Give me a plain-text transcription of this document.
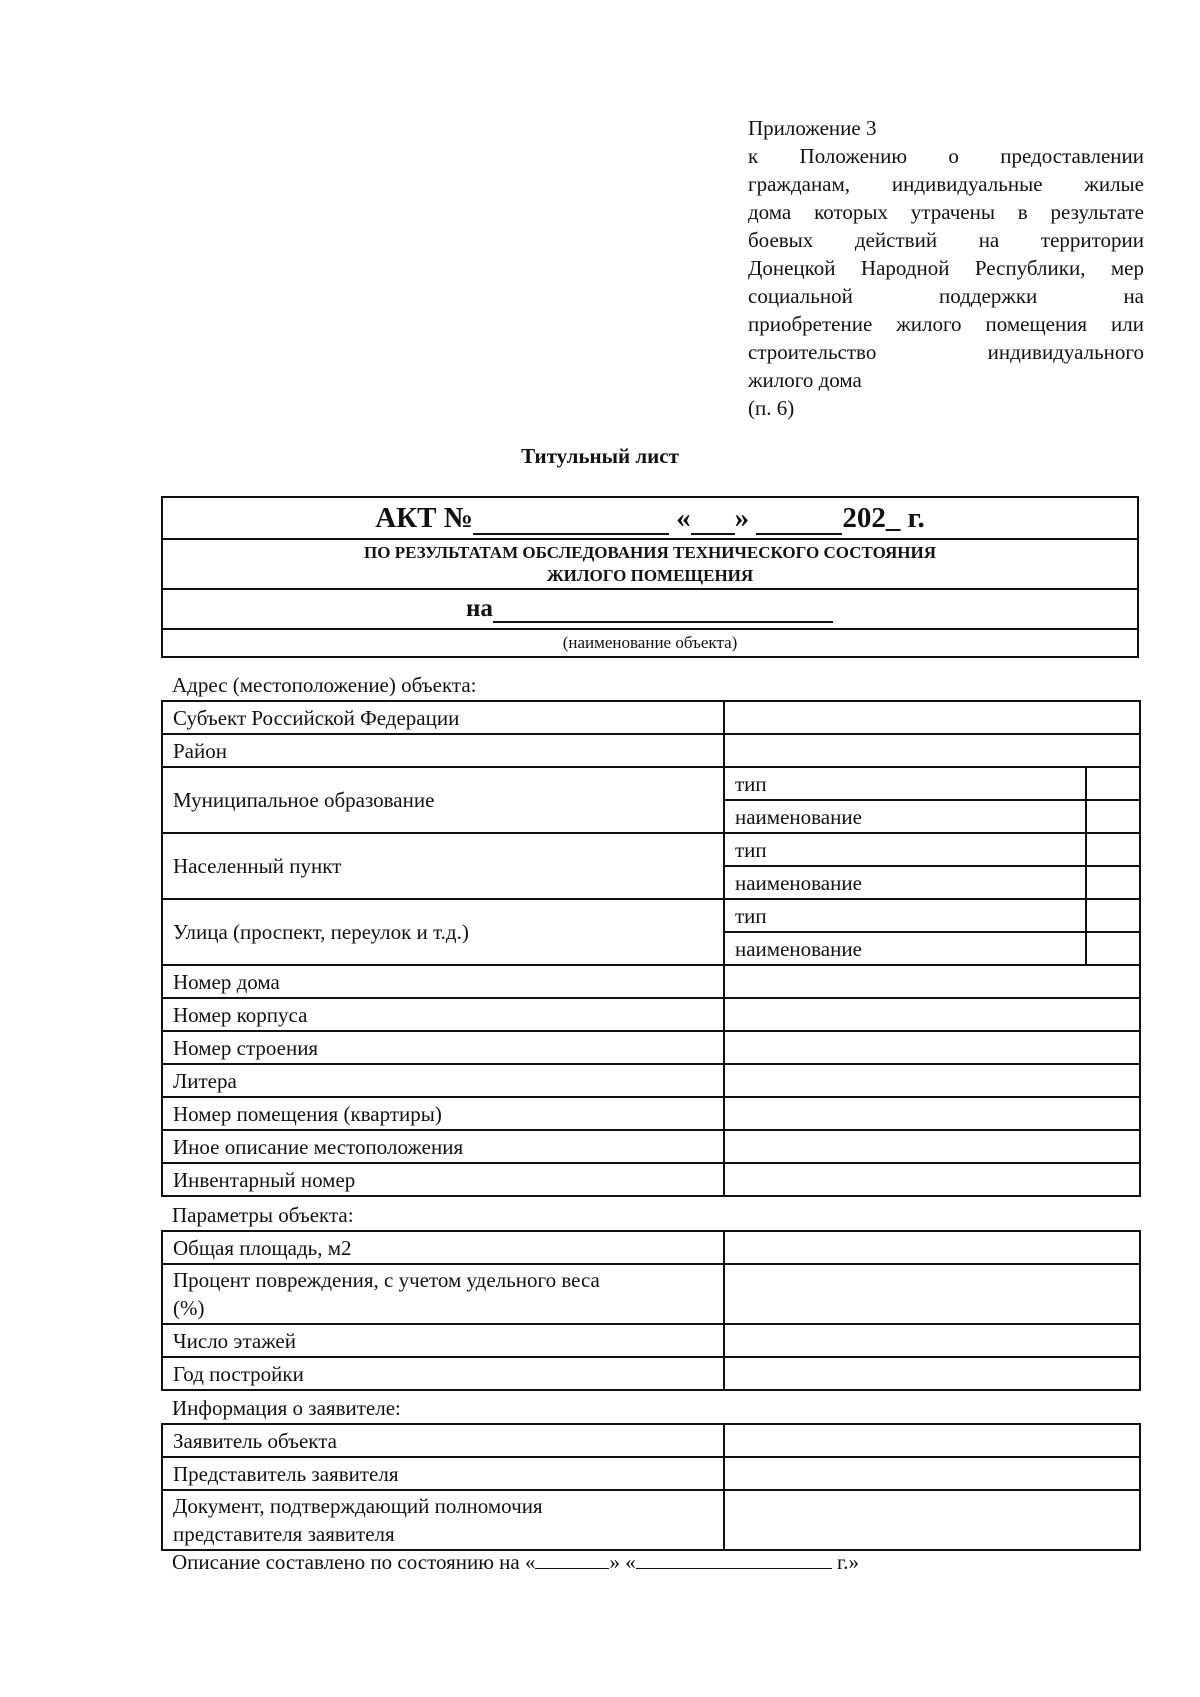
Приложение 3
к Положению о предоставлении
гражданам, индивидуальные жилые
дома которых утрачены в результате
боевых действий на территории
Донецкой Народной Республики, мер
социальной поддержки на
приобретение жилого помещения или
строительство индивидуального
жилого дома
(п. 6)
Титульный лист
АКТ №	« »	202_ г.

ПО РЕЗУЛЬТАТАМ ОБСЛЕДОВАНИЯ ТЕХНИЧЕСКОГО СОСТОЯНИЯ
ЖИЛОГО ПОМЕЩЕНИЯ

на
(наименование объекта)
Адрес (местоположение) объекта:
Субъект Российской Федерации		
Район		
Муниципальное образование	тип	
	наименование	
Населенный пункт	тип	
	наименование	
Улица (проспект, переулок и т.д.)	тип	
	наименование	
Номер дома		
Номер корпуса		
Номер строения		
Литера		
Номер помещения (квартиры)		
Иное описание местоположения		
Инвентарный номер		
Параметры объекта:
Общая площадь, м2	

Процент повреждения, с учетом удельного веса
(%)	

Число этажей	
Год постройки	
Информация о заявителе:
Заявитель объекта	
Представитель заявителя	

Документ, подтверждающий полномочия
представителя заявителя	

Описание составлено по состоянию на «	» «	г.»
